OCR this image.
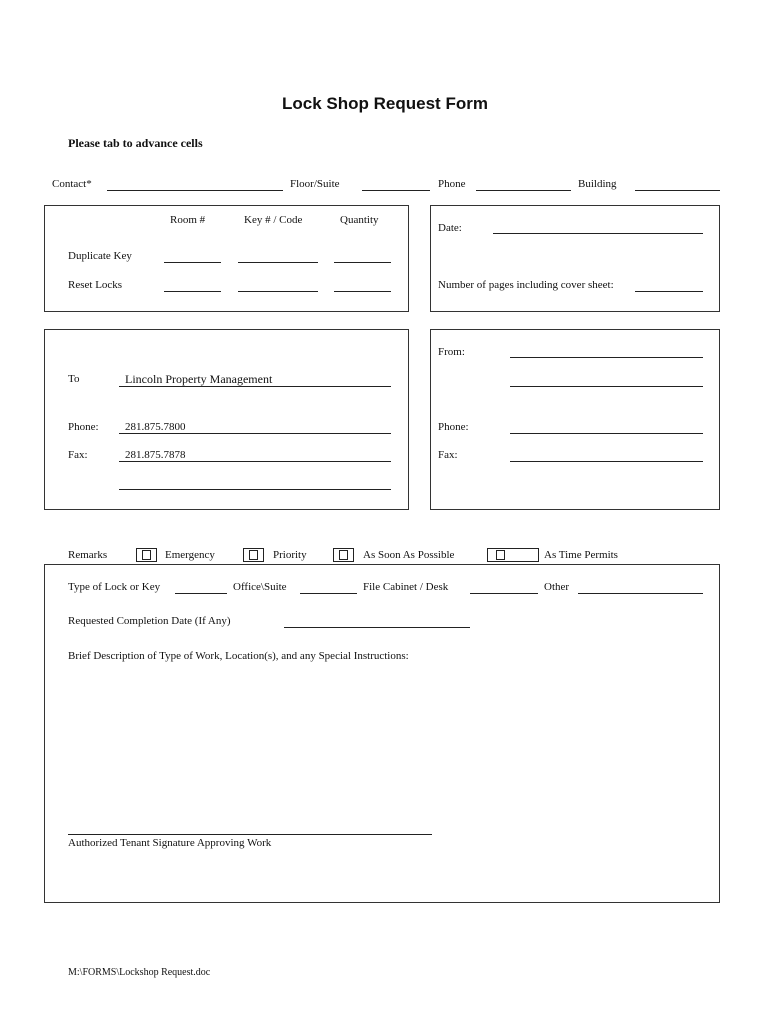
Lock Shop Request Form
Please tab to advance cells
Contact*	Floor/Suite	Phone	Building
Room #	Key # / Code	Quantity
Duplicate Key
Reset Locks
Date:
Number of pages including cover sheet:
To	Lincoln Property Management
Phone: 281.875.7800
Fax:	281.875.7878
From:
Phone:
Fax:
Remarks	Emergency	Priority	As Soon As Possible	As Time Permits
Type of Lock or Key	Office\Suite	File Cabinet / Desk	Other
Requested Completion Date (If Any)
Brief Description of Type of Work, Location(s), and any Special Instructions:
Authorized Tenant Signature Approving Work
M:\FORMS\Lockshop Request.doc
